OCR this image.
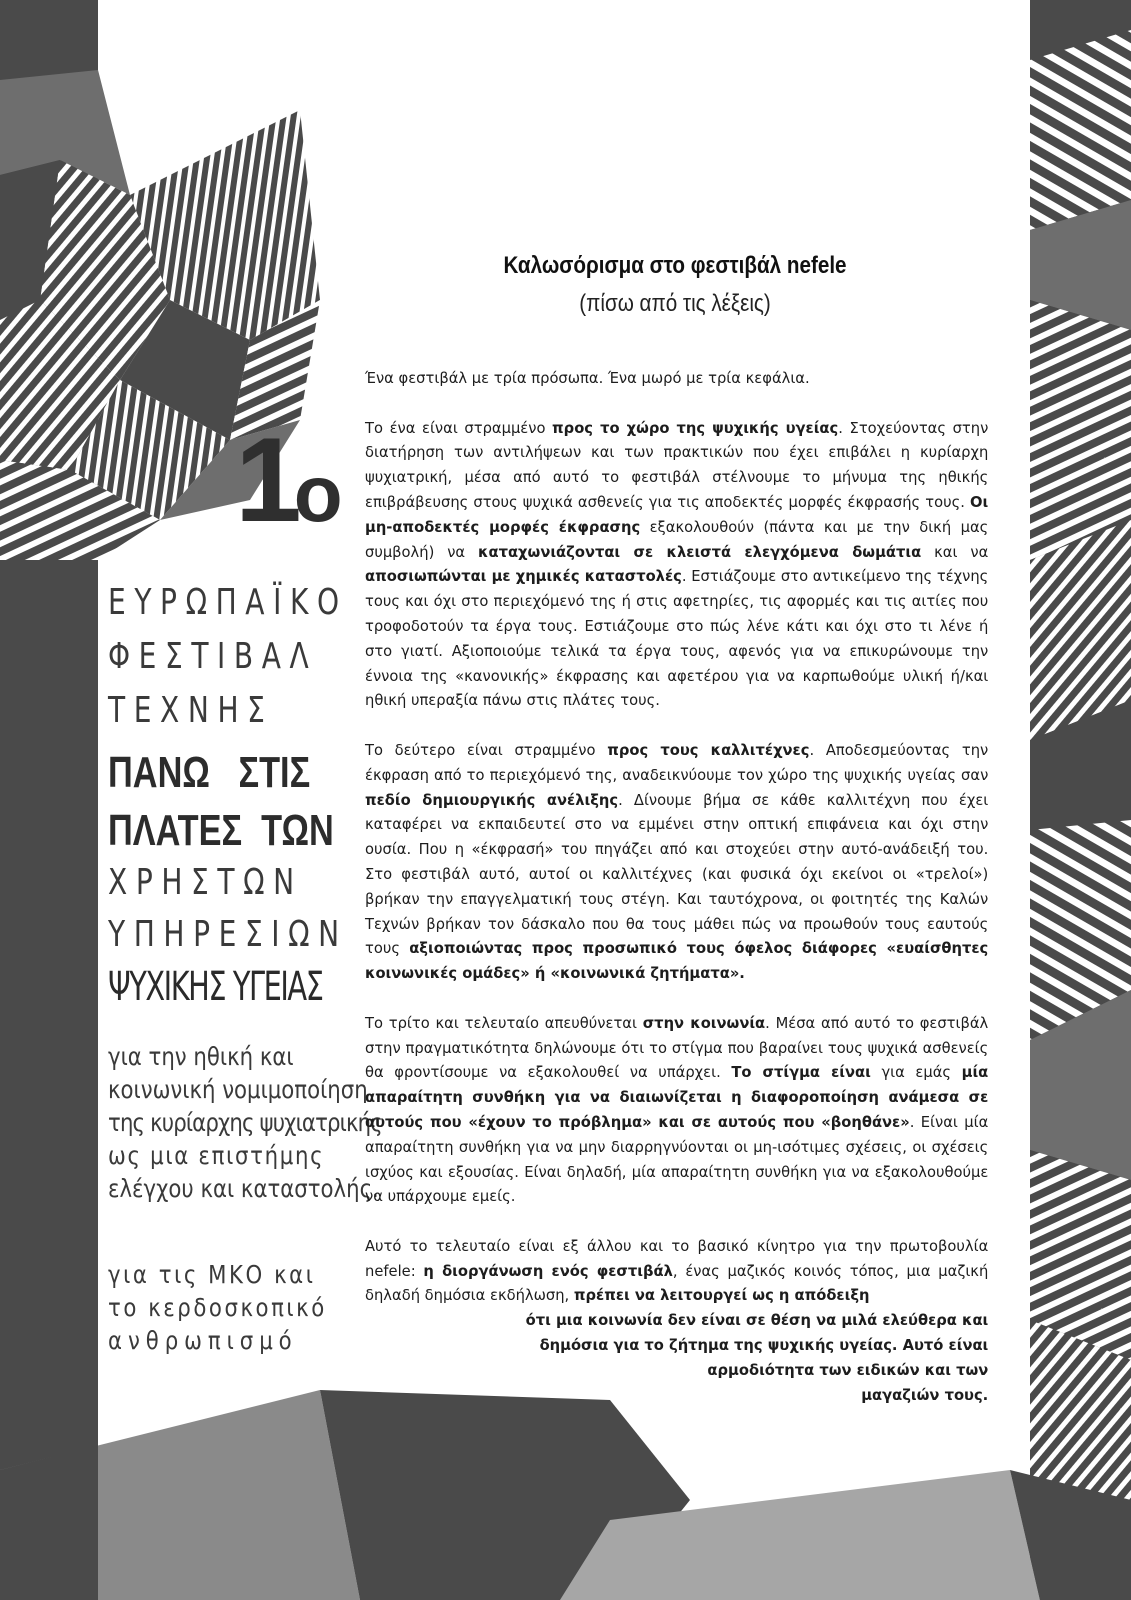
1ο
ΕΥΡΩΠΑΪΚΟ
ΦΕΣΤΙΒΑΛ
ΤΕΧΝΗΣ
ΠΑΝΩ   ΣΤΙΣ
ΠΛΑΤΕΣ  ΤΩΝ
ΧΡΗΣΤΩΝ
ΥΠΗΡΕΣΙΩΝ
ΨΥΧΙΚΗΣ ΥΓΕΙΑΣ
για την ηθική και
κοινωνική νομιμοποίηση
της κυρίαρχης ψυχιατρικής
ως μια επιστήμης
ελέγχου και καταστολής.
για τις ΜΚΟ και
το κερδοσκοπικό
ανθρωπισμό
Καλωσόρισμα στο φεστιβάλ nefele
(πίσω από τις λέξεις)

Ένα φεστιβάλ με τρία πρόσωπα. Ένα μωρό με τρία κεφάλια.

Το ένα είναι στραμμένο προς το χώρο της ψυχικής υγείας. Στοχεύοντας στην διατήρηση των αντιλήψεων και των πρακτικών που έχει επιβάλει η κυρίαρχη ψυχιατρική, μέσα από αυτό το φεστιβάλ στέλνουμε το μήνυμα της ηθικής επιβράβευσης στους ψυχικά ασθενείς για τις αποδεκτές μορφές έκφρασής τους. Οι μη-αποδεκτές μορφές έκφρασης εξακολουθούν (πάντα και με την δική μας συμβολή) να καταχωνιάζονται σε κλειστά ελεγχόμενα δωμάτια και να αποσιωπώνται με χημικές καταστολές. Εστιάζουμε στο αντικείμενο της τέχνης τους και όχι στο περιεχόμενό της ή στις αφετηρίες, τις αφορμές και τις αιτίες που τροφοδοτούν τα έργα τους. Εστιάζουμε στο πώς λένε κάτι και όχι στο τι λένε ή στο γιατί. Αξιοποιούμε τελικά τα έργα τους, αφενός για να επικυρώνουμε την έννοια της «κανονικής» έκφρασης και αφετέρου για να καρπωθούμε υλική ή/και ηθική υπεραξία πάνω στις πλάτες τους.

Το δεύτερο είναι στραμμένο προς τους καλλιτέχνες. Αποδεσμεύοντας την έκφραση από το περιεχόμενό της, αναδεικνύουμε τον χώρο της ψυχικής υγείας σαν πεδίο δημιουργικής ανέλιξης. Δίνουμε βήμα σε κάθε καλλιτέχνη που έχει καταφέρει να εκπαιδευτεί στο να εμμένει στην οπτική επιφάνεια και όχι στην ουσία. Που η «έκφρασή» του πηγάζει από και στοχεύει στην αυτό-ανάδειξή του. Στο φεστιβάλ αυτό, αυτοί οι καλλιτέχνες (και φυσικά όχι εκείνοι οι «τρελοί») βρήκαν την επαγγελματική τους στέγη. Και ταυτόχρονα, οι φοιτητές της Καλών Τεχνών βρήκαν τον δάσκαλο που θα τους μάθει πώς να προωθούν τους εαυτούς τους αξιοποιώντας προς προσωπικό τους όφελος διάφορες «ευαίσθητες κοινωνικές ομάδες» ή «κοινωνικά ζητήματα».

Το τρίτο και τελευταίο απευθύνεται στην κοινωνία. Μέσα από αυτό το φεστιβάλ στην πραγματικότητα δηλώνουμε ότι το στίγμα που βαραίνει τους ψυχικά ασθενείς θα φροντίσουμε να εξακολουθεί να υπάρχει. Το στίγμα είναι για εμάς μία απαραίτητη συνθήκη για να διαιωνίζεται η διαφοροποίηση ανάμεσα σε αυτούς που «έχουν το πρόβλημα» και σε αυτούς που «βοηθάνε». Είναι μία απαραίτητη συνθήκη για να μην διαρρηγνύονται οι μη-ισότιμες σχέσεις, οι σχέσεις ισχύος και εξουσίας. Είναι δηλαδή, μία απαραίτητη συνθήκη για να εξακολουθούμε να υπάρχουμε εμείς.

Αυτό το τελευταίο είναι εξ άλλου και το βασικό κίνητρο για την πρωτοβουλία nefele: η διοργάνωση ενός φεστιβάλ, ένας μαζικός κοινός τόπος, μια μαζική δηλαδή δημόσια εκδήλωση, πρέπει να λειτουργεί ως η απόδειξη

ότι μια κοινωνία δεν είναι σε θέση να μιλά ελεύθερα και
δημόσια για το ζήτημα της ψυχικής υγείας. Αυτό είναι
αρμοδιότητα των ειδικών και των
μαγαζιών τους.
